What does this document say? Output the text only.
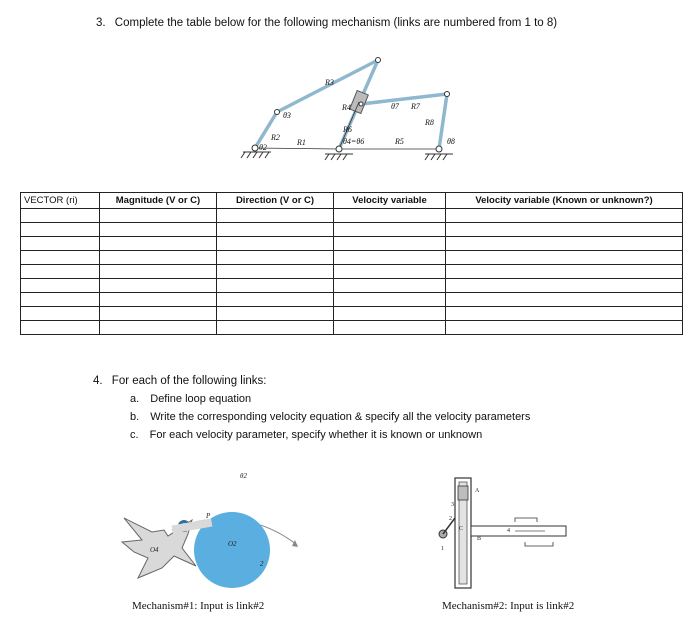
3. Complete the table below for the following mechanism (links are numbered from 1 to 8)
R3
R4
R2
R1
R6
R5
R7
R8
θ3
θ2
θ4=θ6
θ7
θ8
VECTOR (ri)	Magnitude (V or C)	Direction (V or C)	Velocity variable	Velocity variable (Known or unknown?)

4. For each of the following links:
a. Define loop equation
b. Write the corresponding velocity equation & specify all the velocity parameters
c. For each velocity parameter, specify whether it is known or unknown
O4
O2
θ2
P
2
Mechanism#1: Input is link#2
A
B
C
2
3
4
1
Mechanism#2: Input is link#2
